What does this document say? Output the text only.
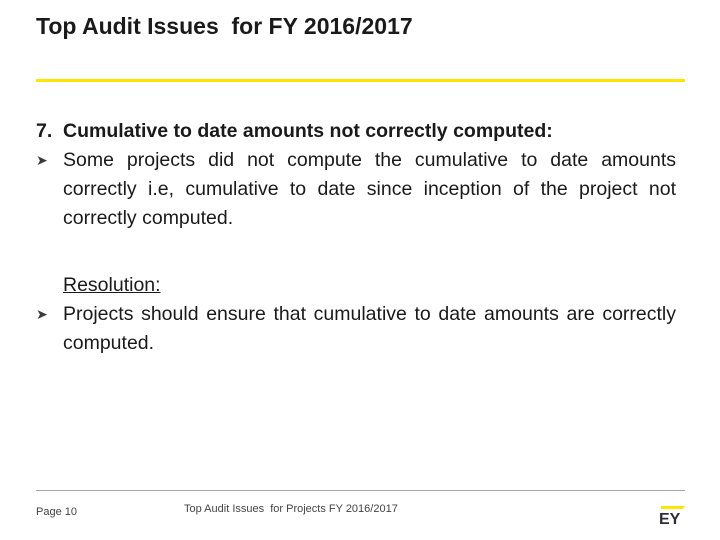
Top Audit Issues  for FY 2016/2017
7. Cumulative to date amounts not correctly computed:
➤ Some projects did not compute the cumulative to date amounts correctly i.e, cumulative to date since inception of the project not correctly computed.
Resolution:
➤ Projects should ensure that cumulative to date amounts are correctly computed.
Page 10	Top Audit Issues  for Projects FY 2016/2017
EY
